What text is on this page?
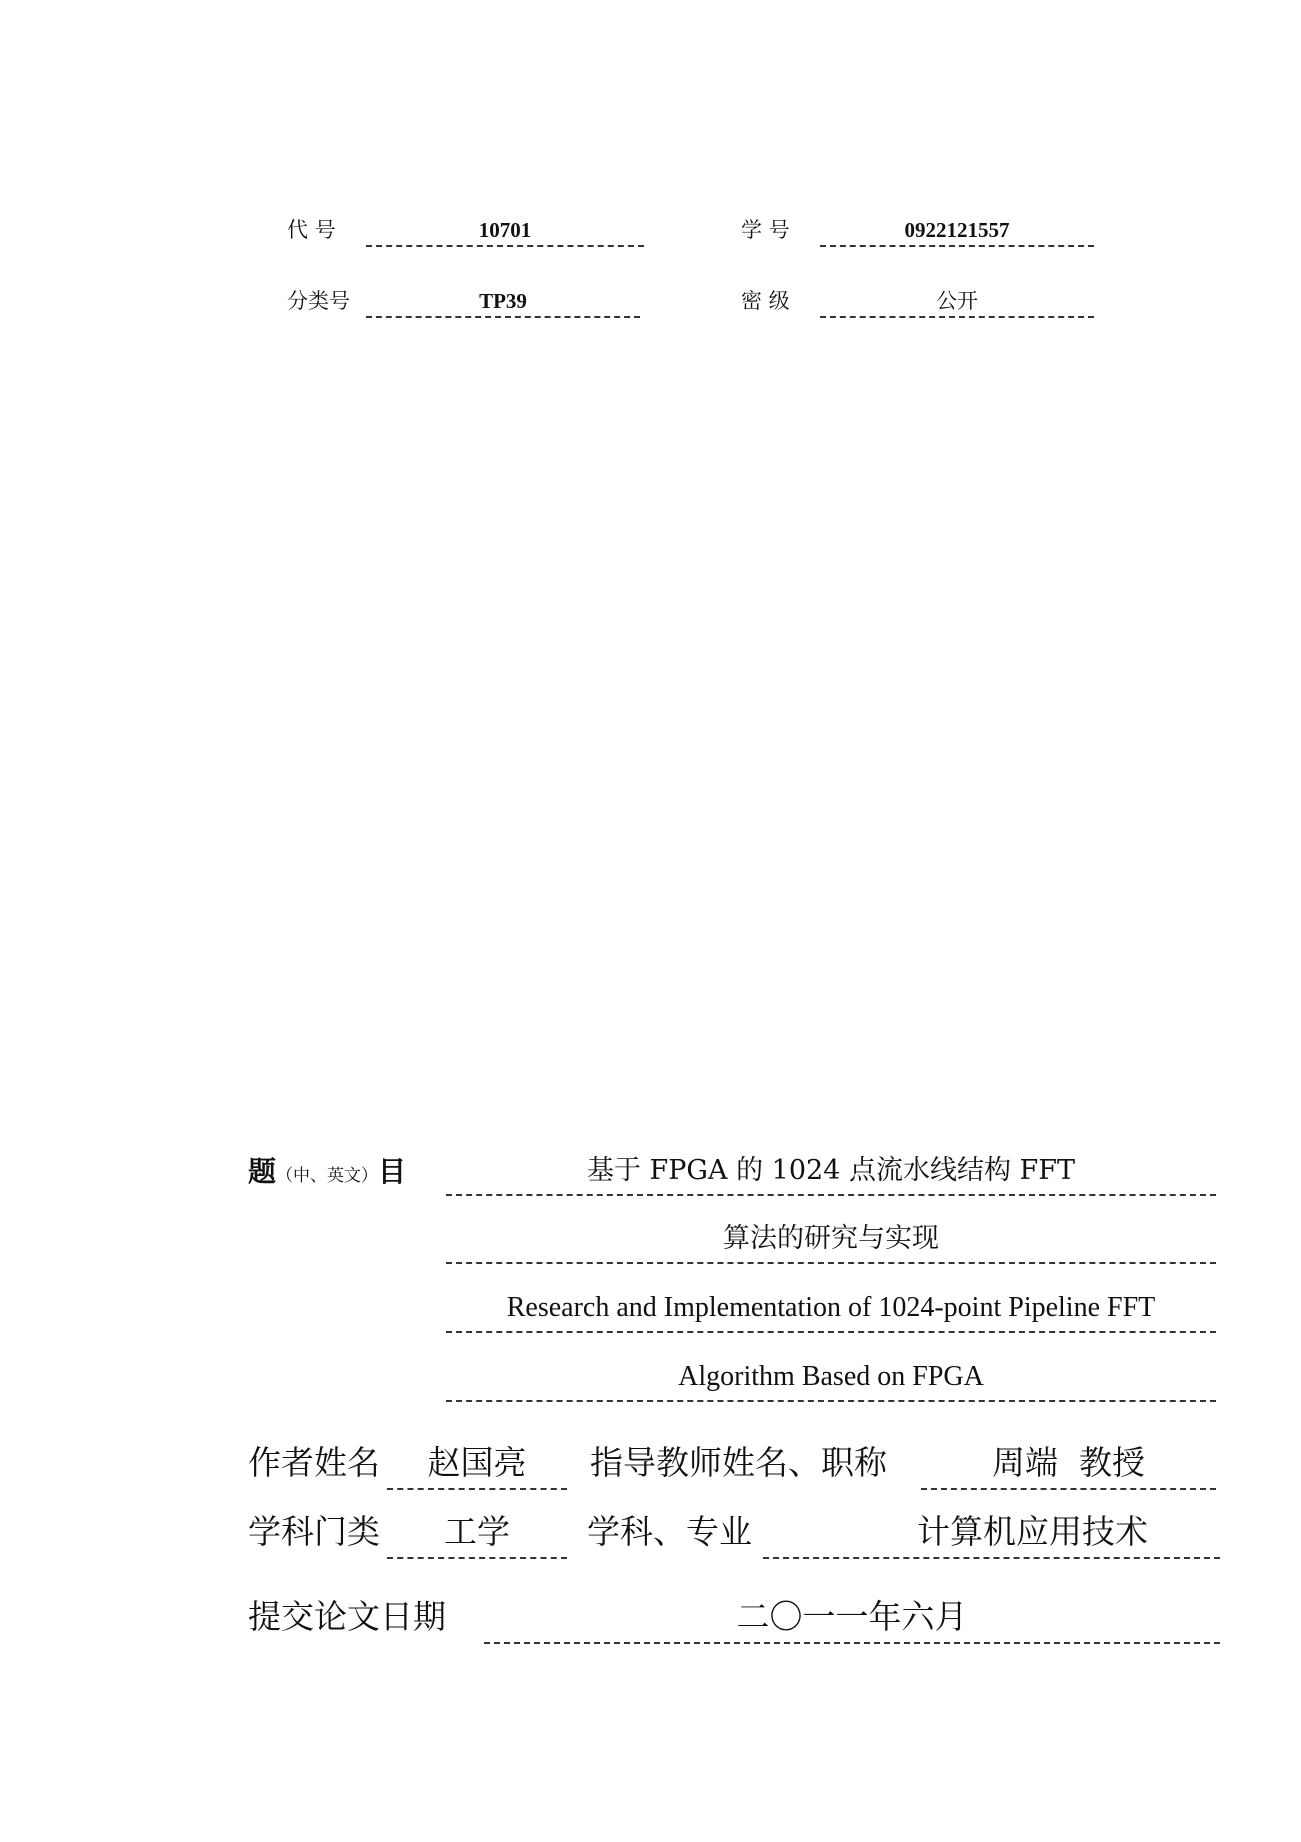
代 号	10701	学 号	0922121557
分类号	TP39	密 级	公开
题（中、英文）目	基于 FPGA 的 1024 点流水线结构 FFT
算法的研究与实现
Research and Implementation of 1024-point Pipeline FFT
Algorithm Based on FPGA
作者姓名	赵国亮	指导教师姓名、职称	周端  教授
学科门类	工学	学科、专业	计算机应用技术
提交论文日期	二〇一一年六月
